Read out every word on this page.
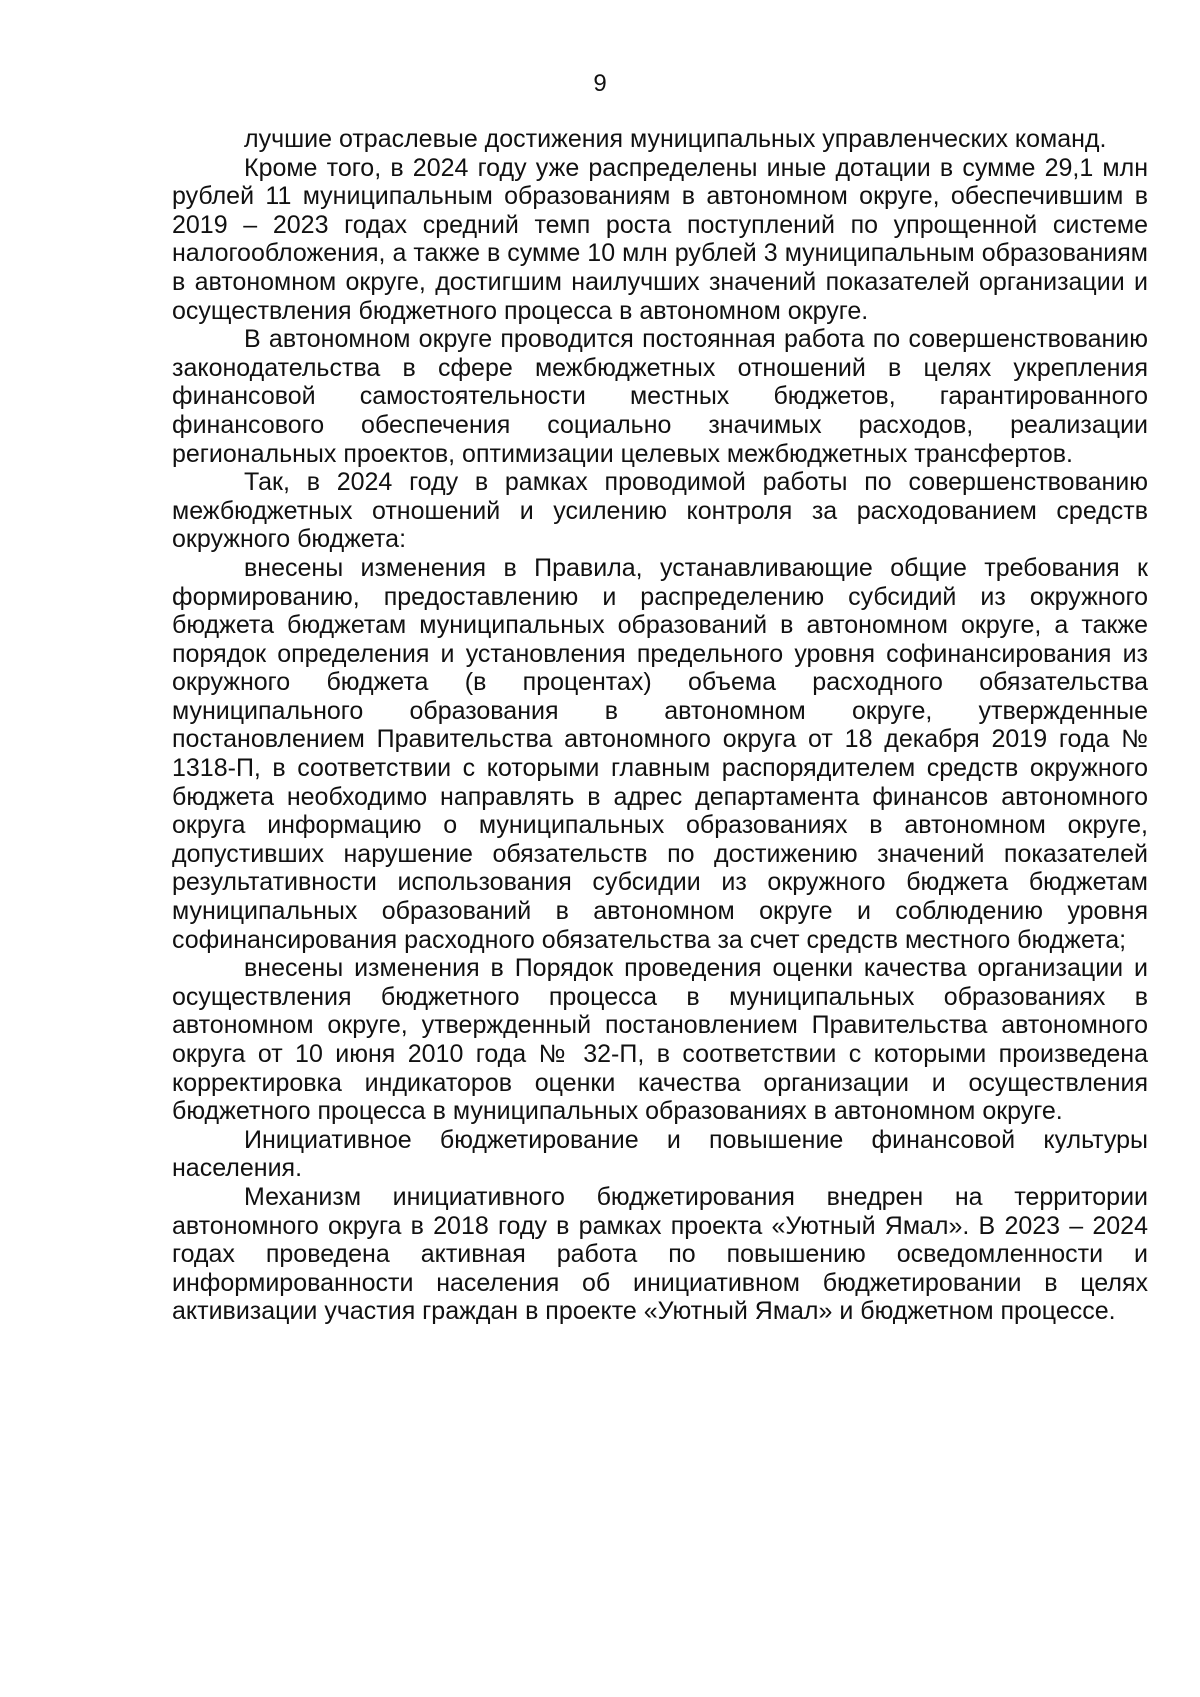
9

лучшие отраслевые достижения муниципальных управленческих команд.

Кроме того, в 2024 году уже распределены иные дотации в сумме 29,1 млн рублей 11 муниципальным образованиям в автономном округе, обеспечившим в 2019 – 2023 годах средний темп роста поступлений по упрощенной системе налогообложения, а также в сумме 10 млн рублей 3 муниципальным образованиям в автономном округе, достигшим наилучших значений показателей организации и осуществления бюджетного процесса в автономном округе.

В автономном округе проводится постоянная работа по совершенствованию законодательства в сфере межбюджетных отношений в целях укрепления финансовой самостоятельности местных бюджетов, гарантированного финансового обеспечения социально значимых расходов, реализации региональных проектов, оптимизации целевых межбюджетных трансфертов.

Так, в 2024 году в рамках проводимой работы по совершенствованию межбюджетных отношений и усилению контроля за расходованием средств окружного бюджета:

внесены изменения в Правила, устанавливающие общие требования к формированию, предоставлению и распределению субсидий из окружного бюджета бюджетам муниципальных образований в автономном округе, а также порядок определения и установления предельного уровня софинансирования из окружного бюджета (в процентах) объема расходного обязательства муниципального образования в автономном округе, утвержденные постановлением Правительства автономного округа от 18 декабря 2019 года № 1318-П, в соответствии с которыми главным распорядителем средств окружного бюджета необходимо направлять в адрес департамента финансов автономного округа информацию о муниципальных образованиях в автономном округе, допустивших нарушение обязательств по достижению значений показателей результативности использования субсидии из окружного бюджета бюджетам муниципальных образований в автономном округе и соблюдению уровня софинансирования расходного обязательства за счет средств местного бюджета;

внесены изменения в Порядок проведения оценки качества организации и осуществления бюджетного процесса в муниципальных образованиях в автономном округе, утвержденный постановлением Правительства автономного округа от 10 июня 2010 года № 32-П, в соответствии с которыми произведена корректировка индикаторов оценки качества организации и осуществления бюджетного процесса в муниципальных образованиях в автономном округе.

Инициативное бюджетирование и повышение финансовой культуры населения.

Механизм инициативного бюджетирования внедрен на территории автономного округа в 2018 году в рамках проекта «Уютный Ямал». В 2023 – 2024 годах проведена активная работа по повышению осведомленности и информированности населения об инициативном бюджетировании в целях активизации участия граждан в проекте «Уютный Ямал» и бюджетном процессе.
